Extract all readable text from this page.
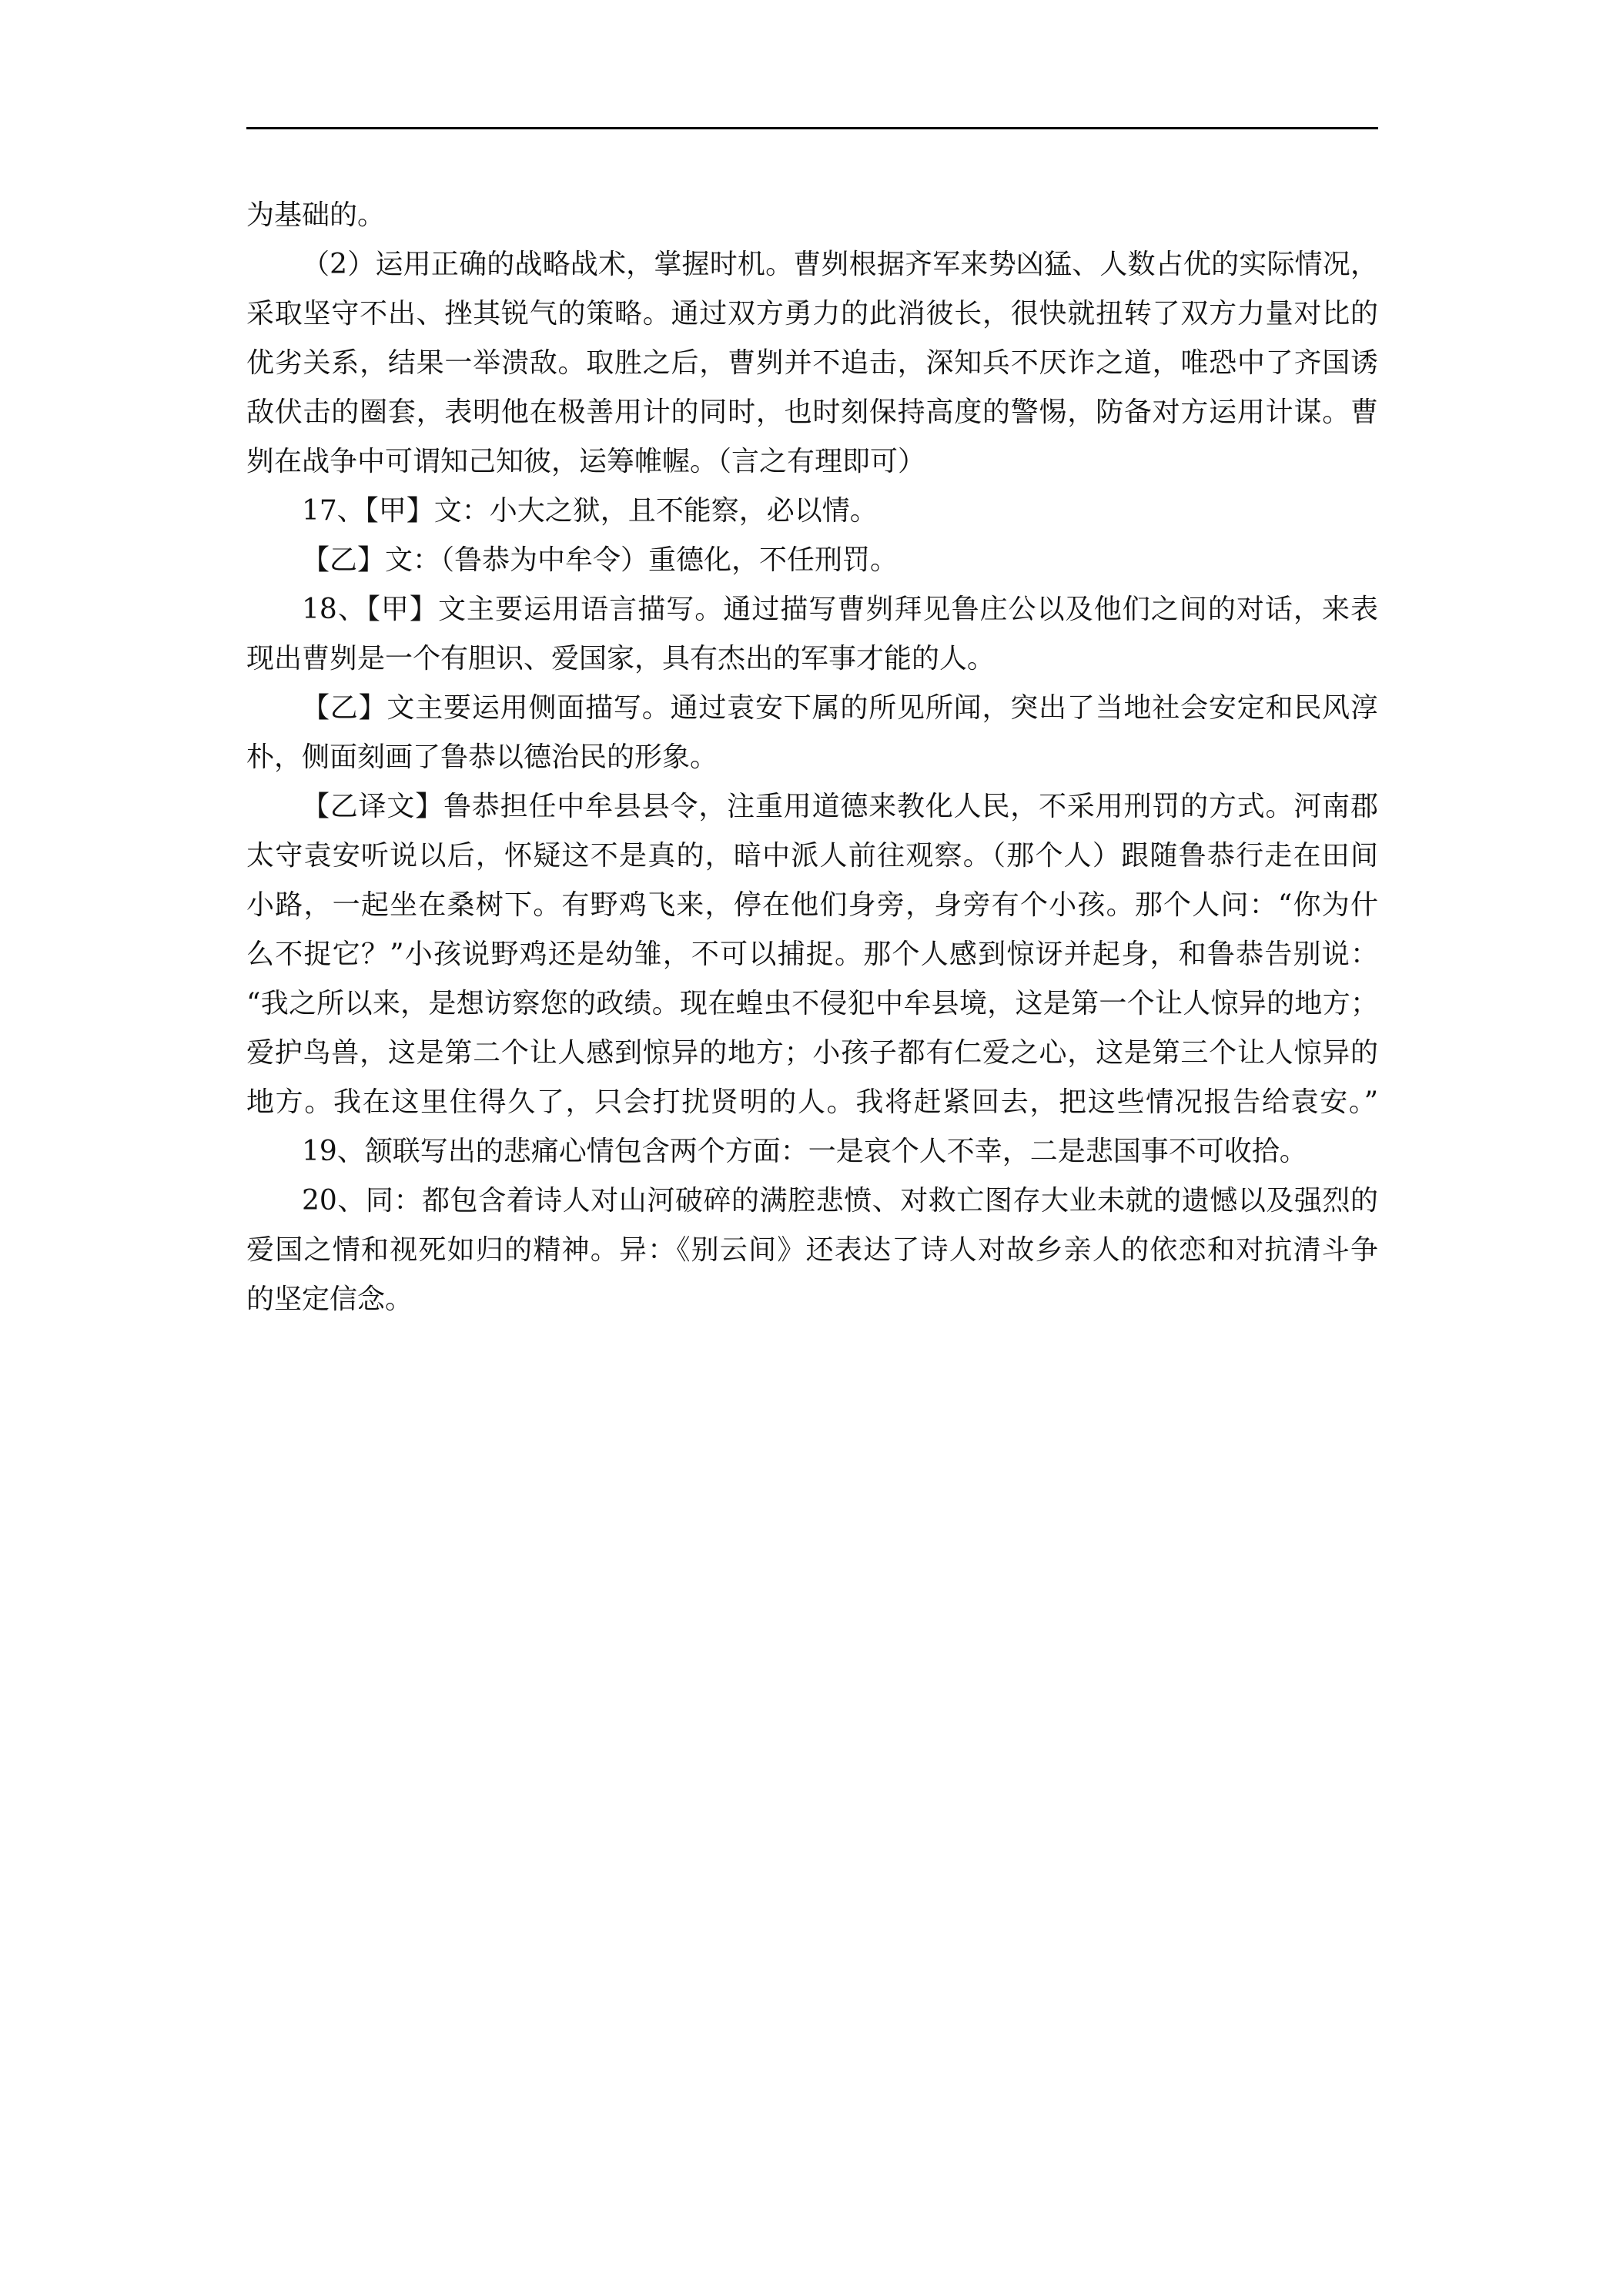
为基础的。
（2）运用正确的战略战术，掌握时机。曹刿根据齐军来势凶猛、人数占优的实际情况，
采取坚守不出、挫其锐气的策略。通过双方勇力的此消彼长，很快就扭转了双方力量对比的
优劣关系，结果一举溃敌。取胜之后，曹刿并不追击，深知兵不厌诈之道，唯恐中了齐国诱
敌伏击的圈套，表明他在极善用计的同时，也时刻保持高度的警惕，防备对方运用计谋。曹
刿在战争中可谓知己知彼，运筹帷幄。（言之有理即可）
17、【甲】文：小大之狱，且不能察，必以情。
【乙】文：（鲁恭为中牟令）重德化，不任刑罚。
18、【甲】文主要运用语言描写。通过描写曹刿拜见鲁庄公以及他们之间的对话，来表
现出曹刿是一个有胆识、爱国家，具有杰出的军事才能的人。
【乙】文主要运用侧面描写。通过袁安下属的所见所闻，突出了当地社会安定和民风淳
朴，侧面刻画了鲁恭以德治民的形象。
【乙译文】鲁恭担任中牟县县令，注重用道德来教化人民，不采用刑罚的方式。河南郡
太守袁安听说以后，怀疑这不是真的，暗中派人前往观察。（那个人）跟随鲁恭行走在田间
小路，一起坐在桑树下。有野鸡飞来，停在他们身旁，身旁有个小孩。那个人问：“你为什
么不捉它？”小孩说野鸡还是幼雏，不可以捕捉。那个人感到惊讶并起身，和鲁恭告别说：
“我之所以来，是想访察您的政绩。现在蝗虫不侵犯中牟县境，这是第一个让人惊异的地方；
爱护鸟兽，这是第二个让人感到惊异的地方；小孩子都有仁爱之心，这是第三个让人惊异的
地方。我在这里住得久了，只会打扰贤明的人。我将赶紧回去，把这些情况报告给袁安。”
19、颔联写出的悲痛心情包含两个方面：一是哀个人不幸，二是悲国事不可收拾。
20、同：都包含着诗人对山河破碎的满腔悲愤、对救亡图存大业未就的遗憾以及强烈的
爱国之情和视死如归的精神。异：《别云间》还表达了诗人对故乡亲人的依恋和对抗清斗争
的坚定信念。
